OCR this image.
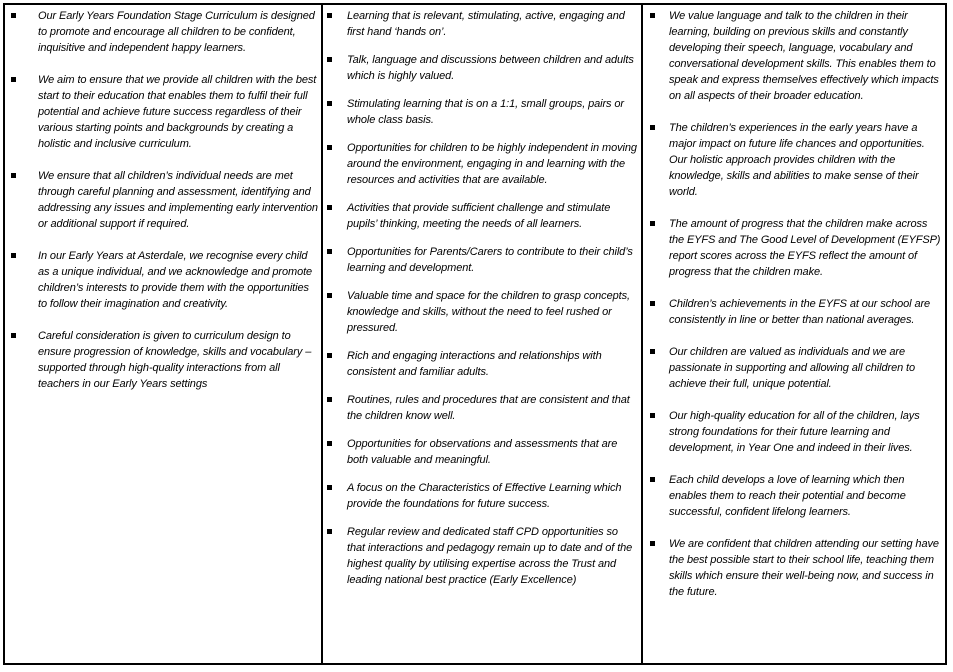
Our Early Years Foundation Stage Curriculum is designed to promote and encourage all children to be confident, inquisitive and independent happy learners.
We aim to ensure that we provide all children with the best start to their education that enables them to fulfil their full potential and achieve future success regardless of their various starting points and backgrounds by creating a holistic and inclusive curriculum.
We ensure that all children’s individual needs are met through careful planning and assessment, identifying and addressing any issues and implementing early intervention or additional support if required.
In our Early Years at Asterdale, we recognise every child as a unique individual, and we acknowledge and promote children’s interests to provide them with the opportunities to follow their imagination and creativity.
Careful consideration is given to curriculum design to ensure progression of knowledge, skills and vocabulary – supported through high-quality interactions from all teachers in our Early Years settings
Learning that is relevant, stimulating, active, engaging and first hand ‘hands on’.
Talk, language and discussions between children and adults which is highly valued.
Stimulating learning that is on a 1:1, small groups, pairs or whole class basis.
Opportunities for children to be highly independent in moving around the environment, engaging in and learning with the resources and activities that are available.
Activities that provide sufficient challenge and stimulate pupils’ thinking, meeting the needs of all learners.
Opportunities for Parents/Carers to contribute to their child’s learning and development.
Valuable time and space for the children to grasp concepts, knowledge and skills, without the need to feel rushed or pressured.
Rich and engaging interactions and relationships with consistent and familiar adults.
Routines, rules and procedures that are consistent and that the children know well.
Opportunities for observations and assessments that are both valuable and meaningful.
A focus on the Characteristics of Effective Learning which provide the foundations for future success.
Regular review and dedicated staff CPD opportunities so that interactions and pedagogy remain up to date and of the highest quality by utilising expertise across the Trust and leading national best practice (Early Excellence)
We value language and talk to the children in their learning, building on previous skills and constantly developing their speech, language, vocabulary and conversational development skills. This enables them to speak and express themselves effectively which impacts on all aspects of their broader education.
The children’s experiences in the early years have a major impact on future life chances and opportunities. Our holistic approach provides children with the knowledge, skills and abilities to make sense of their world.
The amount of progress that the children make across the EYFS and The Good Level of Development (EYFSP) report scores across the EYFS reflect the amount of progress that the children make.
Children’s achievements in the EYFS at our school are consistently in line or better than national averages.
Our children are valued as individuals and we are passionate in supporting and allowing all children to achieve their full, unique potential.
Our high-quality education for all of the children, lays strong foundations for their future learning and development, in Year One and indeed in their lives.
Each child develops a love of learning which then enables them to reach their potential and become successful, confident lifelong learners.
We are confident that children attending our setting have the best possible start to their school life, teaching them skills which ensure their well-being now, and success in the future.
